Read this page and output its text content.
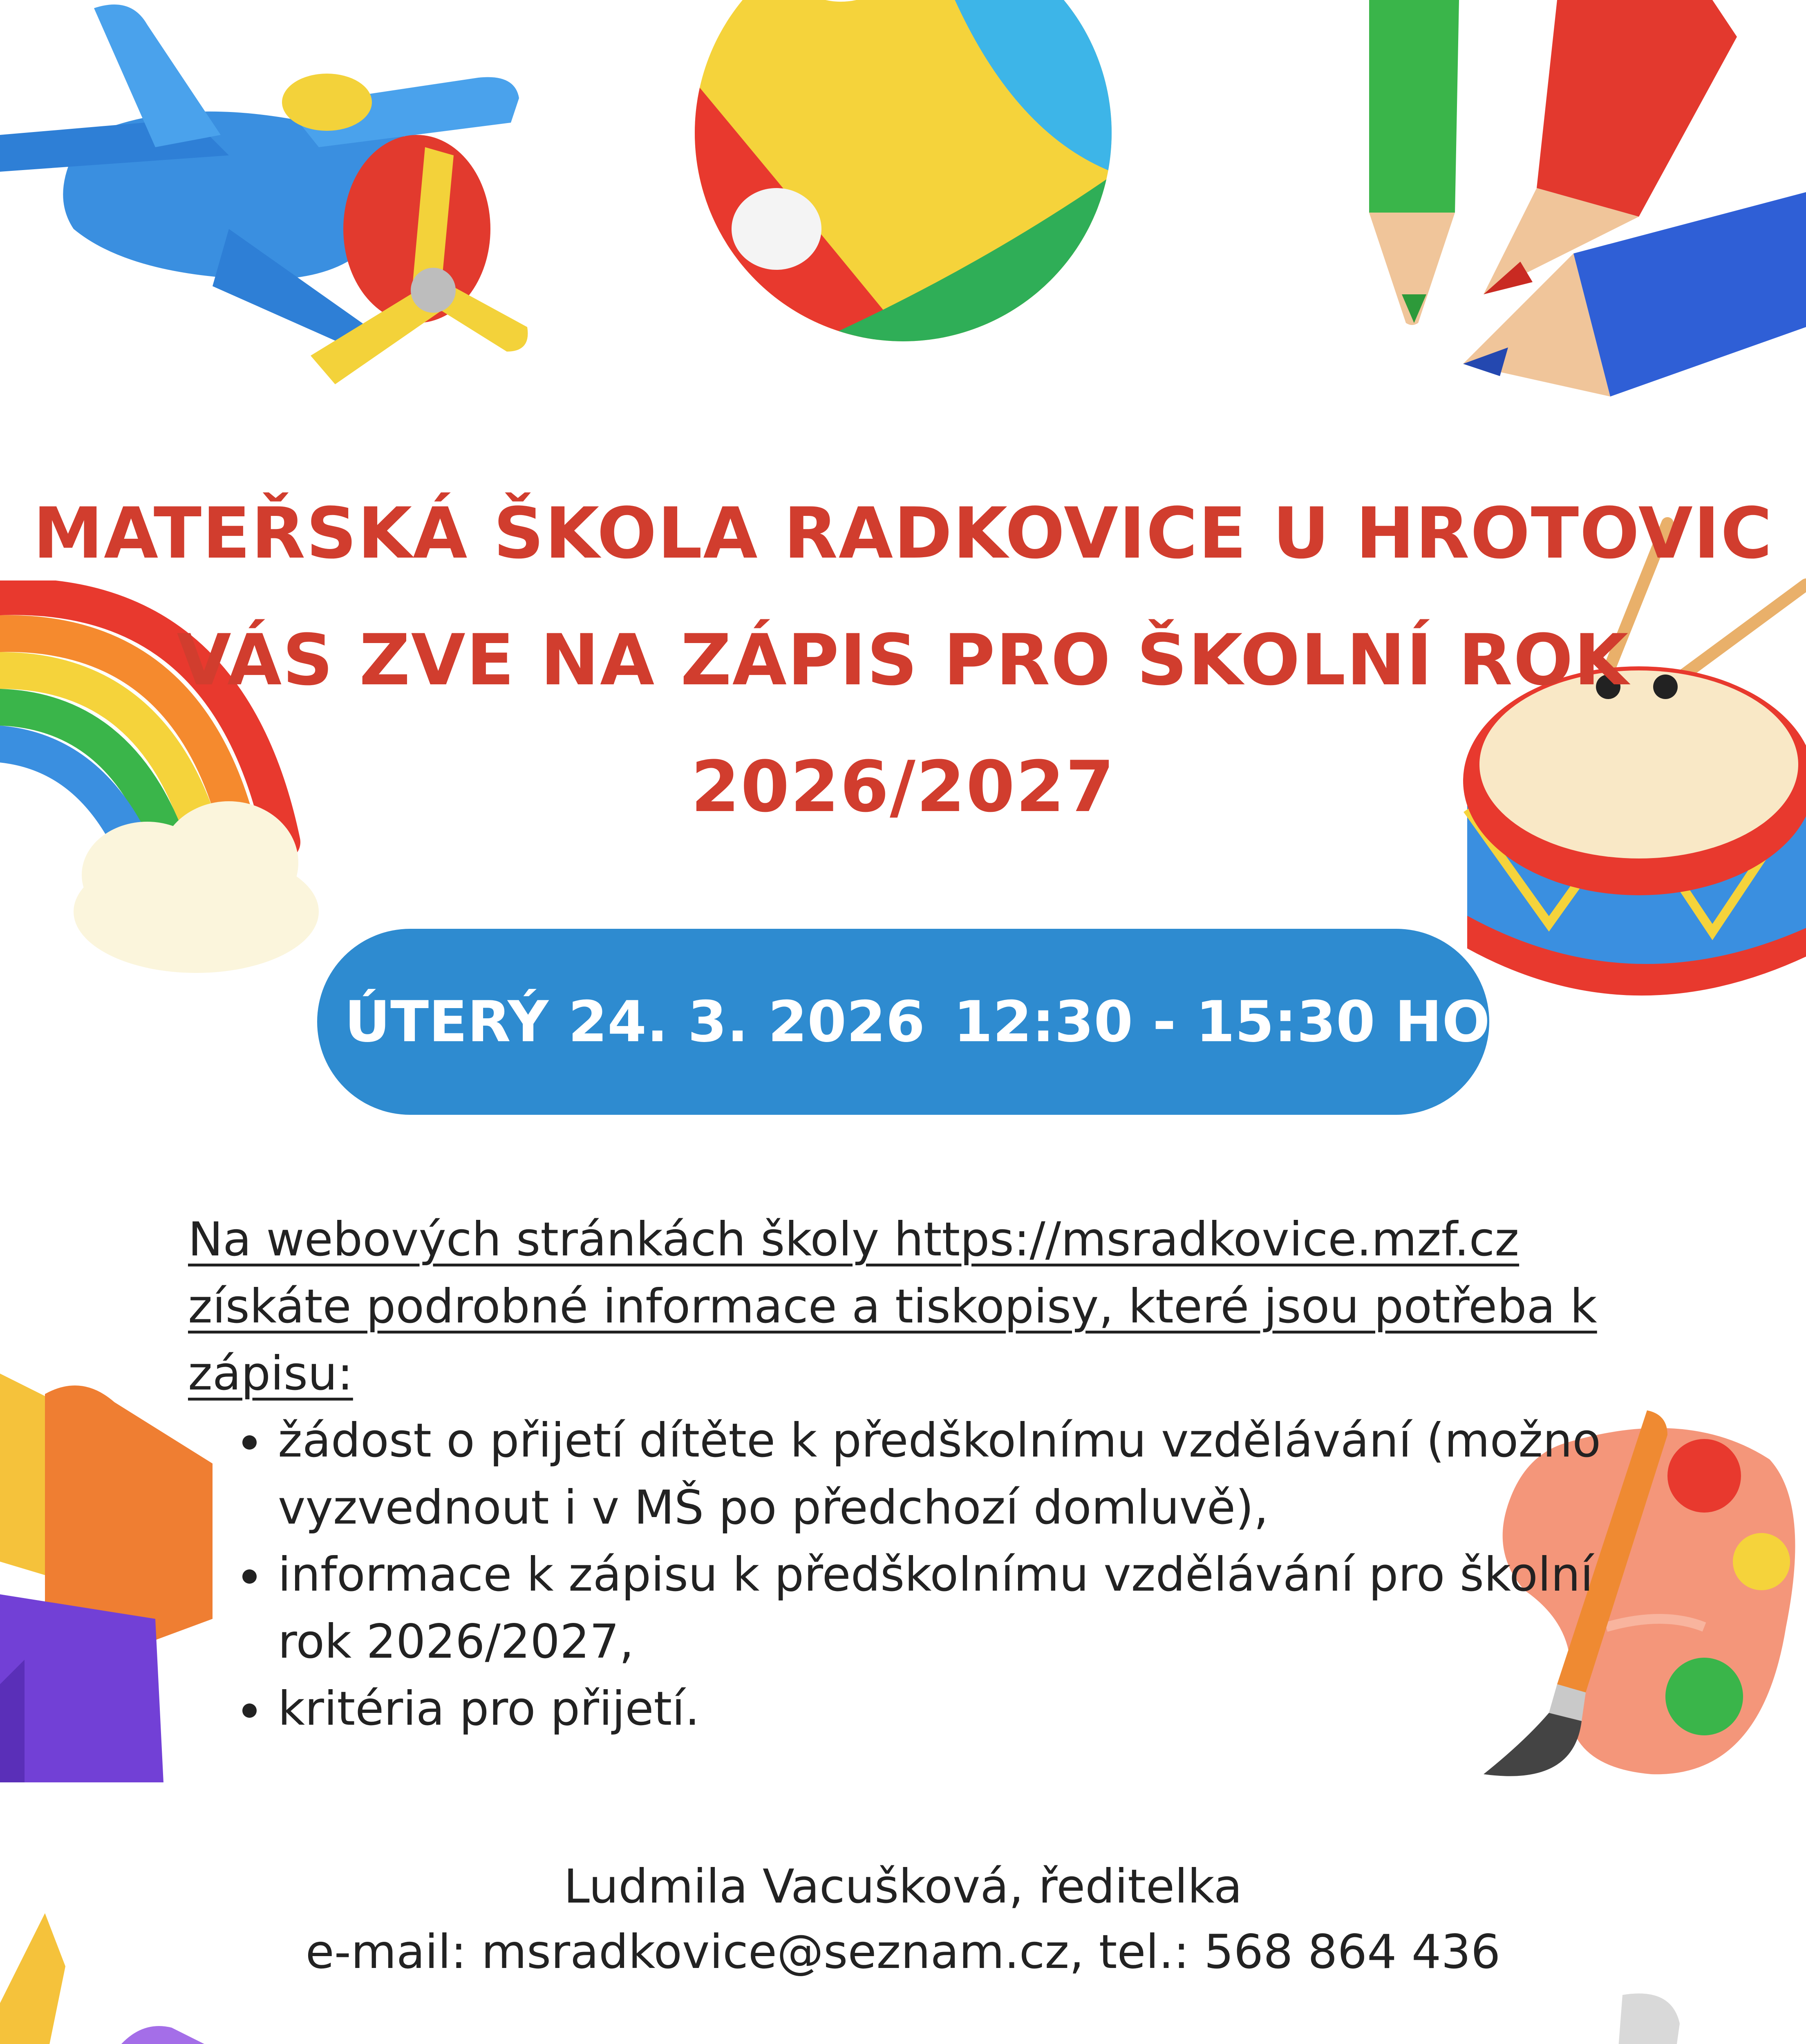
MATEŘSKÁ ŠKOLA RADKOVICE U HROTOVIC
VÁS ZVE NA ZÁPIS PRO ŠKOLNÍ ROK
2026/2027
ÚTERÝ 24. 3. 2026 12:30 - 15:30 HODIN

Na webových stránkách školy https://msradkovice.mzf.cz získáte podrobné informace a tiskopisy, které jsou potřeba k zápisu:

• žádost o přijetí dítěte k předškolnímu vzdělávání (možno vyzvednout i v MŠ po předchozí domluvě),
• informace k zápisu k předškolnímu vzdělávání pro školní rok 2026/2027,
• kritéria pro přijetí.
Ludmila Vacušková, ředitelka
e-mail: msradkovice@seznam.cz, tel.: 568 864 436
